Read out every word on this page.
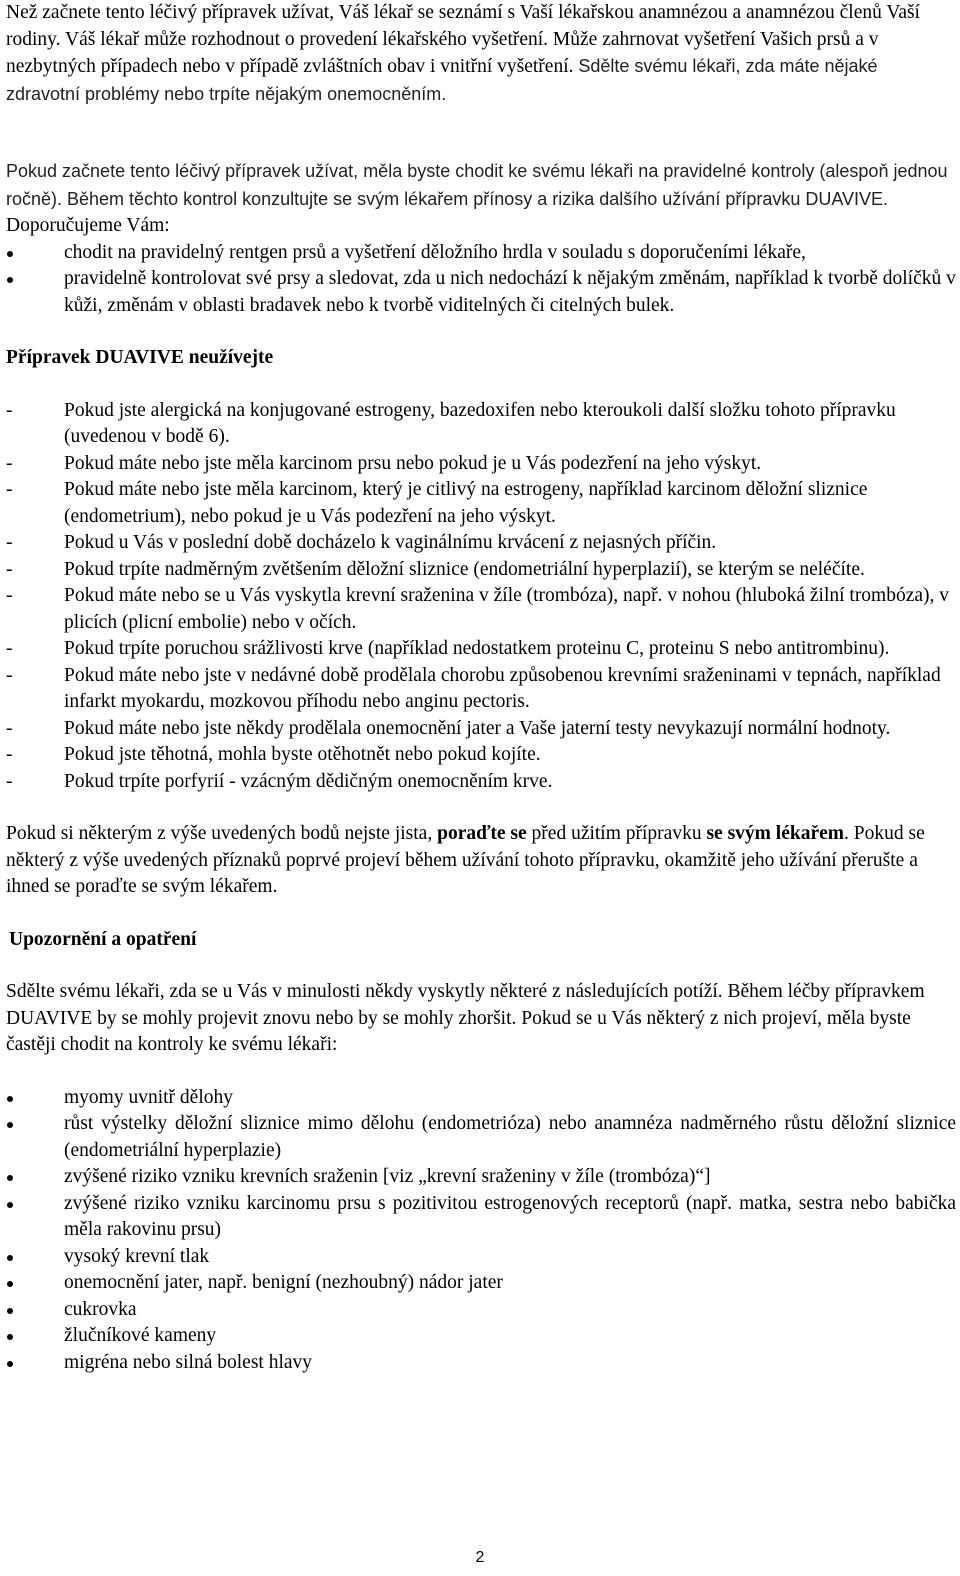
Než začnete tento léčivý přípravek užívat, Váš lékař se seznámí s Vaší lékařskou anamnézou a anamnézou členů Vaší rodiny. Váš lékař může rozhodnout o provedení lékařského vyšetření. Může zahrnovat vyšetření Vašich prsů a v nezbytných případech nebo v případě zvláštních obav i vnitřní vyšetření. Sdělte svému lékaři, zda máte nějaké zdravotní problémy nebo trpíte nějakým onemocněním.
Pokud začnete tento léčivý přípravek užívat, měla byste chodit ke svému lékaři na pravidelné kontroly (alespoň jednou ročně). Během těchto kontrol konzultujte se svým lékařem přínosy a rizika dalšího užívání přípravku DUAVIVE. Doporučujeme Vám:
chodit na pravidelný rentgen prsů a vyšetření děložního hrdla v souladu s doporučeními lékaře,
pravidelně kontrolovat své prsy a sledovat, zda u nich nedochází k nějakým změnám, například k tvorbě dolíčků v kůži, změnám v oblasti bradavek nebo k tvorbě viditelných či citelných bulek.
Přípravek DUAVIVE neužívejte
-	Pokud jste alergická na konjugované estrogeny, bazedoxifen nebo kteroukoli další složku tohoto přípravku (uvedenou v bodě 6).
-	Pokud máte nebo jste měla karcinom prsu nebo pokud je u Vás podezření na jeho výskyt.
-	Pokud máte nebo jste měla karcinom, který je citlivý na estrogeny, například karcinom děložní sliznice (endometrium), nebo pokud je u Vás podezření na jeho výskyt.
-	Pokud u Vás v poslední době docházelo k vaginálnímu krvácení z nejasných příčin.
-	Pokud trpíte nadměrným zvětšením děložní sliznice (endometriální hyperplazií), se kterým se neléčíte.
-	Pokud máte nebo se u Vás vyskytla krevní sraženina v žíle (trombóza), např. v nohou (hluboká žilní trombóza), v plicích (plicní embolie) nebo v očích.
-	Pokud trpíte poruchou srážlivosti krve (například nedostatkem proteinu C, proteinu S nebo antitrombinu).
-	Pokud máte nebo jste v nedávné době prodělala chorobu způsobenou krevními sraženinami v tepnách, například infarkt myokardu, mozkovou příhodu nebo anginu pectoris.
-	Pokud máte nebo jste někdy prodělala onemocnění jater a Vaše jaterní testy nevykazují normální hodnoty.
-	Pokud jste těhotná, mohla byste otěhotnět nebo pokud kojíte.
-	Pokud trpíte porfyrií - vzácným dědičným onemocněním krve.
Pokud si některým z výše uvedených bodů nejste jista, poraďte se před užitím přípravku se svým lékařem. Pokud se některý z výše uvedených příznaků poprvé projeví během užívání tohoto přípravku, okamžitě jeho užívání přerušte a ihned se poraďte se svým lékařem.
Upozornění a opatření
Sdělte svému lékaři, zda se u Vás v minulosti někdy vyskytly některé z následujících potíží. Během léčby přípravkem DUAVIVE by se mohly projevit znovu nebo by se mohly zhoršit. Pokud se u Vás některý z nich projeví, měla byste častěji chodit na kontroly ke svému lékaři:
myomy uvnitř dělohy
růst výstelky děložní sliznice mimo dělohu (endometrióza) nebo anamnéza nadměrného růstu děložní sliznice (endometriální hyperplazie)
zvýšené riziko vzniku krevních sraženin [viz „krevní sraženiny v žíle (trombóza)“]
zvýšené riziko vzniku karcinomu prsu s pozitivitou estrogenových receptorů (např. matka, sestra nebo babička měla rakovinu prsu)
vysoký krevní tlak
onemocnění jater, např. benigní (nezhoubný) nádor jater
cukrovka
žlučníkové kameny
migréna nebo silná bolest hlavy
2
